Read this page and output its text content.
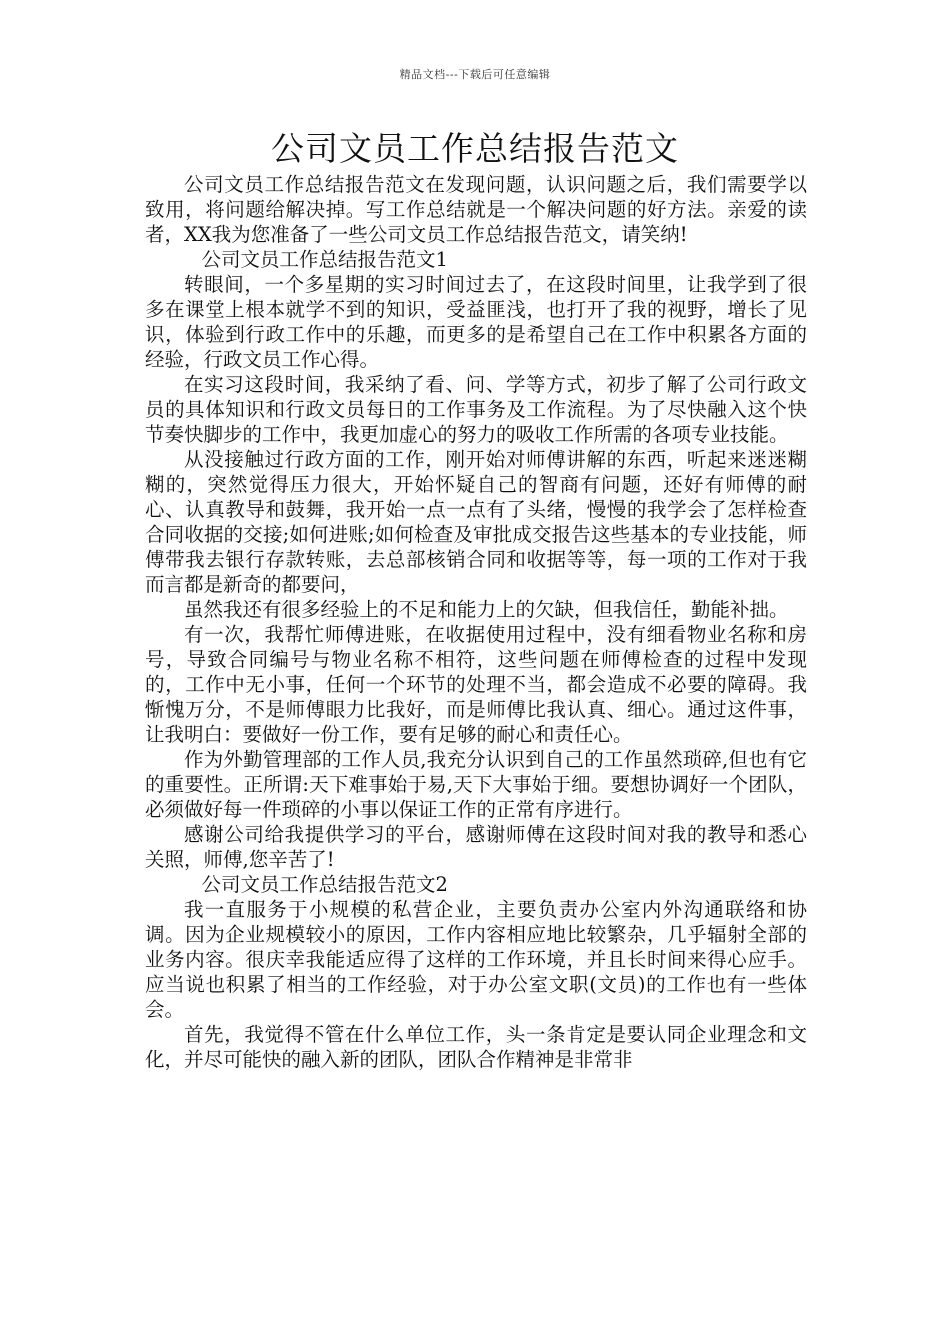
精品文档---下载后可任意编辑
公司文员工作总结报告范文

公司文员工作总结报告范文在发现问题，认识问题之后，我们需要学以致用，将问题给解决掉。写工作总结就是一个解决问题的好方法。亲爱的读者，XX我为您准备了一些公司文员工作总结报告范文，请笑纳!

公司文员工作总结报告范文1

转眼间，一个多星期的实习时间过去了，在这段时间里，让我学到了很多在课堂上根本就学不到的知识，受益匪浅，也打开了我的视野，增长了见识，体验到行政工作中的乐趣，而更多的是希望自己在工作中积累各方面的经验，行政文员工作心得。

在实习这段时间，我采纳了看、问、学等方式，初步了解了公司行政文员的具体知识和行政文员每日的工作事务及工作流程。为了尽快融入这个快节奏快脚步的工作中，我更加虚心的努力的吸收工作所需的各项专业技能。

从没接触过行政方面的工作，刚开始对师傅讲解的东西，听起来迷迷糊糊的，突然觉得压力很大，开始怀疑自己的智商有问题，还好有师傅的耐心、认真教导和鼓舞，我开始一点一点有了头绪，慢慢的我学会了怎样检查合同收据的交接;如何进账;如何检查及审批成交报告这些基本的专业技能，师傅带我去银行存款转账，去总部核销合同和收据等等，每一项的工作对于我而言都是新奇的都要问，

虽然我还有很多经验上的不足和能力上的欠缺，但我信任，勤能补拙。

有一次，我帮忙师傅进账，在收据使用过程中，没有细看物业名称和房号，导致合同编号与物业名称不相符，这些问题在师傅检查的过程中发现的，工作中无小事，任何一个环节的处理不当，都会造成不必要的障碍。我惭愧万分，不是师傅眼力比我好，而是师傅比我认真、细心。通过这件事，让我明白：要做好一份工作，要有足够的耐心和责任心。

作为外勤管理部的工作人员,我充分认识到自己的工作虽然琐碎,但也有它的重要性。正所谓:天下难事始于易,天下大事始于细。要想协调好一个团队，必须做好每一件琐碎的小事以保证工作的正常有序进行。

感谢公司给我提供学习的平台，感谢师傅在这段时间对我的教导和悉心关照，师傅,您辛苦了!

公司文员工作总结报告范文2

我一直服务于小规模的私营企业，主要负责办公室内外沟通联络和协调。因为企业规模较小的原因，工作内容相应地比较繁杂，几乎辐射全部的业务内容。很庆幸我能适应得了这样的工作环境，并且长时间来得心应手。应当说也积累了相当的工作经验，对于办公室文职(文员)的工作也有一些体会。

首先，我觉得不管在什么单位工作，头一条肯定是要认同企业理念和文化，并尽可能快的融入新的团队，团队合作精神是非常非
